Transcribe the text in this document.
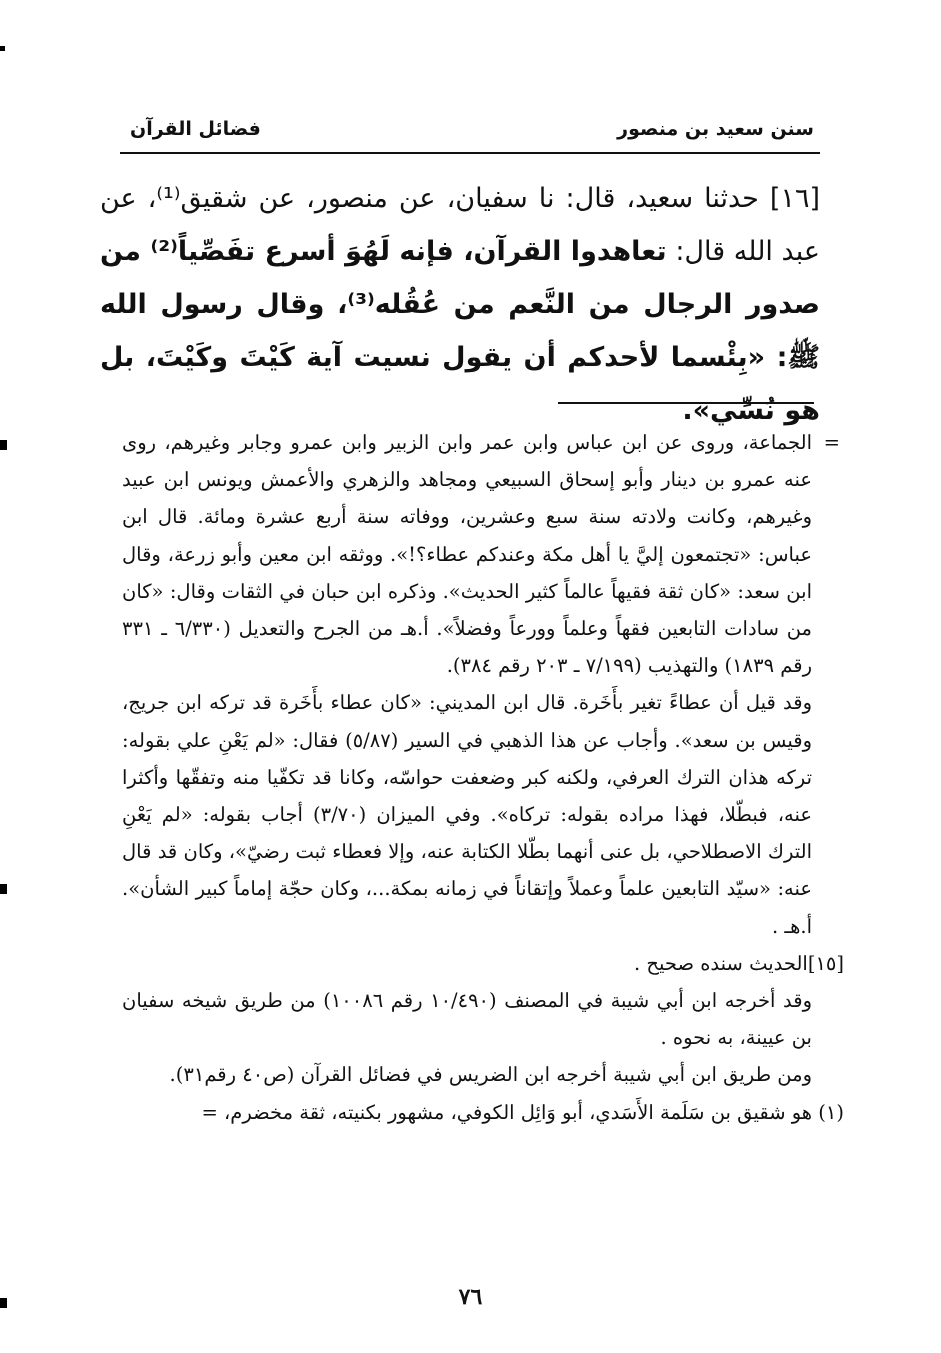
سنن سعيد بن منصور
فضائل القرآن
[١٦] حدثنا سعيد، قال: نا سفيان، عن منصور، عن شقيق⁽¹⁾، عن عبد الله قال: تعاهدوا القرآن، فإنه لَهُوَ أسرع تفَصِّياً⁽²⁾ من صدور الرجال من النَّعم من عُقُله⁽³⁾، وقال رسول الله ﷺ: «بِئْسما لأحدكم أن يقول نسيت آية كَيْتَ وكَيْتَ، بل هو نُسِّي».

= الجماعة، وروى عن ابن عباس وابن عمر وابن الزبير وابن عمرو وجابر وغيرهم، روى عنه عمرو بن دينار وأبو إسحاق السبيعي ومجاهد والزهري والأعمش ويونس ابن عبيد وغيرهم، وكانت ولادته سنة سبع وعشرين، ووفاته سنة أربع عشرة ومائة. قال ابن عباس: «تجتمعون إليَّ يا أهل مكة وعندكم عطاء؟!». ووثقه ابن معين وأبو زرعة، وقال ابن سعد: «كان ثقة فقيهاً عالماً كثير الحديث». وذكره ابن حبان في الثقات وقال: «كان من سادات التابعين فقهاً وعلماً وورعاً وفضلاً». أ.هـ من الجرح والتعديل (٦/٣٣٠ ـ ٣٣١ رقم ١٨٣٩) والتهذيب (٧/١٩٩ ـ ٢٠٣ رقم ٣٨٤).

وقد قيل أن عطاءً تغير بأَخَرة. قال ابن المديني: «كان عطاء بأَخَرة قد تركه ابن جريج، وقيس بن سعد». وأجاب عن هذا الذهبي في السير (٥/٨٧) فقال: «لم يَعْنِ علي بقوله: تركه هذان الترك العرفي، ولكنه كبر وضعفت حواسّه، وكانا قد تكفّيا منه وتفقّها وأكثرا عنه، فبطّلا، فهذا مراده بقوله: تركاه». وفي الميزان (٣/٧٠) أجاب بقوله: «لم يَعْنِ الترك الاصطلاحي، بل عنى أنهما بطّلا الكتابة عنه، وإلا فعطاء ثبت رضيّ»، وكان قد قال عنه: «سيّد التابعين علماً وعملاً وإتقاناً في زمانه بمكة...، وكان حجّة إماماً كبير الشأن». أ.هـ .

[١٥]الحديث سنده صحيح .

وقد أخرجه ابن أبي شيبة في المصنف (١٠/٤٩٠ رقم ١٠٠٨٦) من طريق شيخه سفيان بن عيينة، به نحوه .

ومن طريق ابن أبي شيبة أخرجه ابن الضريس في فضائل القرآن (ص٤٠ رقم٣١).

(١) هو شقيق بن سَلَمة الأَسَدي، أبو وَائِل الكوفي، مشهور بكنيته، ثقة مخضرم، =

٧٦
